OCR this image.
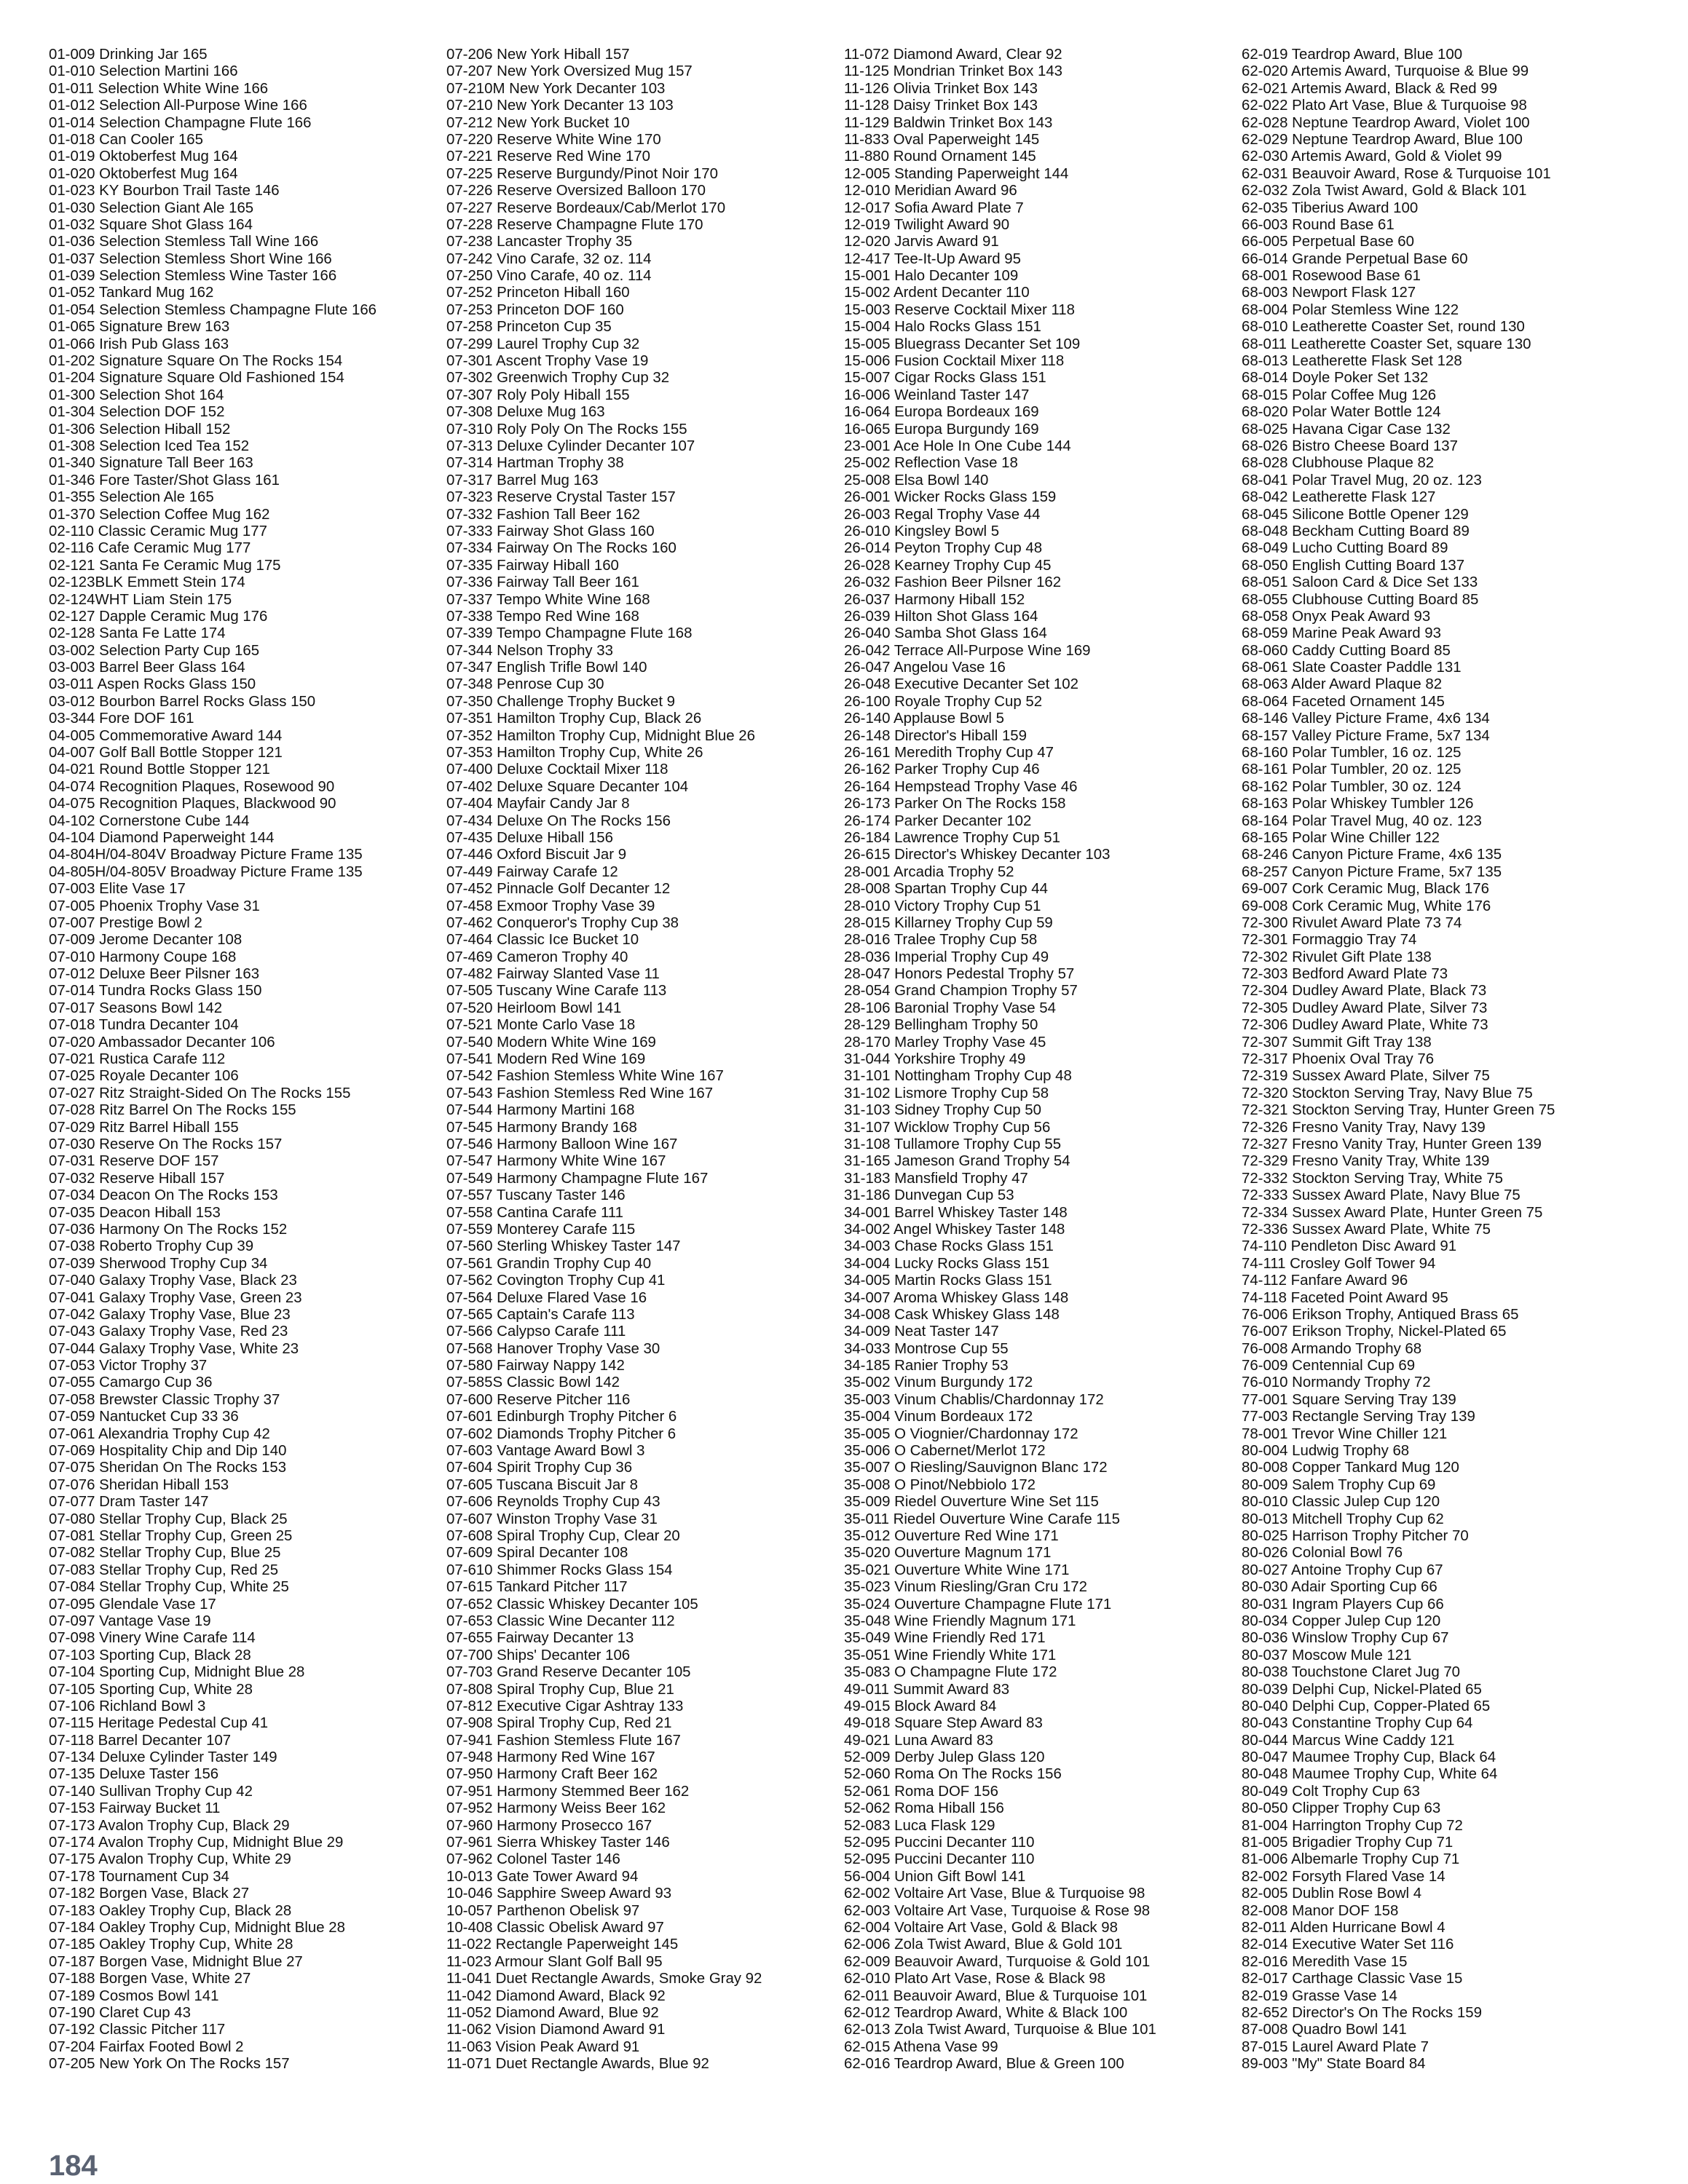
01-009 Drinking Jar 165
01-010 Selection Martini 166
01-011 Selection White Wine 166
01-012 Selection All-Purpose Wine 166
01-014 Selection Champagne Flute 166
01-018 Can Cooler 165
01-019 Oktoberfest Mug 164
01-020 Oktoberfest Mug 164
01-023 KY Bourbon Trail Taste 146
01-030 Selection Giant Ale 165
01-032 Square Shot Glass 164
01-036 Selection Stemless Tall Wine 166
01-037 Selection Stemless Short Wine 166
01-039 Selection Stemless Wine Taster 166
01-052 Tankard Mug 162
01-054 Selection Stemless Champagne Flute 166
01-065 Signature Brew 163
01-066 Irish Pub Glass 163
01-202 Signature Square On The Rocks 154
01-204 Signature Square Old Fashioned 154
01-300 Selection Shot 164
01-304 Selection DOF 152
01-306 Selection Hiball 152
01-308 Selection Iced Tea 152
01-340 Signature Tall Beer 163
01-346 Fore Taster/Shot Glass 161
01-355 Selection Ale 165
01-370 Selection Coffee Mug 162
02-110 Classic Ceramic Mug 177
02-116 Cafe Ceramic Mug 177
02-121 Santa Fe Ceramic Mug 175
02-123BLK Emmett Stein 174
02-124WHT Liam Stein 175
02-127 Dapple Ceramic Mug 176
02-128 Santa Fe Latte 174
03-002 Selection Party Cup 165
03-003 Barrel Beer Glass 164
03-011 Aspen Rocks Glass 150
03-012 Bourbon Barrel Rocks Glass 150
03-344 Fore DOF 161
04-005 Commemorative Award 144
04-007 Golf Ball Bottle Stopper 121
04-021 Round Bottle Stopper 121
04-074 Recognition Plaques, Rosewood 90
04-075 Recognition Plaques, Blackwood 90
04-102 Cornerstone Cube 144
04-104 Diamond Paperweight 144
04-804H/04-804V Broadway Picture Frame 135
04-805H/04-805V Broadway Picture Frame 135
07-003 Elite Vase 17
07-005 Phoenix Trophy Vase 31
07-007 Prestige Bowl 2
07-009 Jerome Decanter 108
07-010 Harmony Coupe 168
07-012 Deluxe Beer Pilsner 163
07-014 Tundra Rocks Glass 150
07-017 Seasons Bowl 142
07-018 Tundra Decanter 104
07-020 Ambassador Decanter 106
07-021 Rustica Carafe 112
07-025 Royale Decanter 106
07-027 Ritz Straight-Sided On The Rocks 155
07-028 Ritz Barrel On The Rocks 155
07-029 Ritz Barrel Hiball 155
07-030 Reserve On The Rocks 157
07-031 Reserve DOF 157
07-032 Reserve Hiball 157
07-034 Deacon On The Rocks 153
07-035 Deacon Hiball 153
07-036 Harmony On The Rocks 152
07-038 Roberto Trophy Cup 39
07-039 Sherwood Trophy Cup 34
07-040 Galaxy Trophy Vase, Black 23
07-041 Galaxy Trophy Vase, Green 23
07-042 Galaxy Trophy Vase, Blue 23
07-043 Galaxy Trophy Vase, Red 23
07-044 Galaxy Trophy Vase, White 23
07-053 Victor Trophy 37
07-055 Camargo Cup 36
07-058 Brewster Classic Trophy 37
07-059 Nantucket Cup 33 36
07-061 Alexandria Trophy Cup 42
07-069 Hospitality Chip and Dip 140
07-075 Sheridan On The Rocks 153
07-076 Sheridan Hiball 153
07-077 Dram Taster 147
07-080 Stellar Trophy Cup, Black 25
07-081 Stellar Trophy Cup, Green 25
07-082 Stellar Trophy Cup, Blue 25
07-083 Stellar Trophy Cup, Red 25
07-084 Stellar Trophy Cup, White 25
07-095 Glendale Vase 17
07-097 Vantage Vase 19
07-098 Vinery Wine Carafe 114
07-103 Sporting Cup, Black 28
07-104 Sporting Cup, Midnight Blue 28
07-105 Sporting Cup, White 28
07-106 Richland Bowl 3
07-115 Heritage Pedestal Cup 41
07-118 Barrel Decanter 107
07-134 Deluxe Cylinder Taster 149
07-135 Deluxe Taster 156
07-140 Sullivan Trophy Cup 42
07-153 Fairway Bucket 11
07-173 Avalon Trophy Cup, Black 29
07-174 Avalon Trophy Cup, Midnight Blue 29
07-175 Avalon Trophy Cup, White 29
07-178 Tournament Cup 34
07-182 Borgen Vase, Black 27
07-183 Oakley Trophy Cup, Black 28
07-184 Oakley Trophy Cup, Midnight Blue 28
07-185 Oakley Trophy Cup, White 28
07-187 Borgen Vase, Midnight Blue 27
07-188 Borgen Vase, White 27
07-189 Cosmos Bowl 141
07-190 Claret Cup 43
07-192 Classic Pitcher 117
07-204 Fairfax Footed Bowl 2
07-205 New York On The Rocks 157
07-206 New York Hiball 157
07-207 New York Oversized Mug 157
07-210M New York Decanter 103
07-210 New York Decanter 13 103
07-212 New York Bucket 10
07-220 Reserve White Wine 170
07-221 Reserve Red Wine 170
07-225 Reserve Burgundy/Pinot Noir 170
07-226 Reserve Oversized Balloon 170
07-227 Reserve Bordeaux/Cab/Merlot 170
07-228 Reserve Champagne Flute 170
07-238 Lancaster Trophy 35
07-242 Vino Carafe, 32 oz. 114
07-250 Vino Carafe, 40 oz. 114
07-252 Princeton Hiball 160
07-253 Princeton DOF 160
07-258 Princeton Cup 35
07-299 Laurel Trophy Cup 32
07-301 Ascent Trophy Vase 19
07-302 Greenwich Trophy Cup 32
07-307 Roly Poly Hiball 155
07-308 Deluxe Mug 163
07-310 Roly Poly On The Rocks 155
07-313 Deluxe Cylinder Decanter 107
07-314 Hartman Trophy 38
07-317 Barrel Mug 163
07-323 Reserve Crystal Taster 157
07-332 Fashion Tall Beer 162
07-333 Fairway Shot Glass 160
07-334 Fairway On The Rocks 160
07-335 Fairway Hiball 160
07-336 Fairway Tall Beer 161
07-337 Tempo White Wine 168
07-338 Tempo Red Wine 168
07-339 Tempo Champagne Flute 168
07-344 Nelson Trophy 33
07-347 English Trifle Bowl 140
07-348 Penrose Cup 30
07-350 Challenge Trophy Bucket 9
07-351 Hamilton Trophy Cup, Black 26
07-352 Hamilton Trophy Cup, Midnight Blue 26
07-353 Hamilton Trophy Cup, White 26
07-400 Deluxe Cocktail Mixer 118
07-402 Deluxe Square Decanter 104
07-404 Mayfair Candy Jar 8
07-434 Deluxe On The Rocks 156
07-435 Deluxe Hiball 156
07-446 Oxford Biscuit Jar 9
07-449 Fairway Carafe 12
07-452 Pinnacle Golf Decanter 12
07-458 Exmoor Trophy Vase 39
07-462 Conqueror's Trophy Cup 38
07-464 Classic Ice Bucket 10
07-469 Cameron Trophy 40
07-482 Fairway Slanted Vase 11
07-505 Tuscany Wine Carafe 113
07-520 Heirloom Bowl 141
07-521 Monte Carlo Vase 18
07-540 Modern White Wine 169
07-541 Modern Red Wine 169
07-542 Fashion Stemless White Wine 167
07-543 Fashion Stemless Red Wine 167
07-544 Harmony Martini 168
07-545 Harmony Brandy 168
07-546 Harmony Balloon Wine 167
07-547 Harmony White Wine 167
07-549 Harmony Champagne Flute 167
07-557 Tuscany Taster 146
07-558 Cantina Carafe 111
07-559 Monterey Carafe 115
07-560 Sterling Whiskey Taster 147
07-561 Grandin Trophy Cup 40
07-562 Covington Trophy Cup 41
07-564 Deluxe Flared Vase 16
07-565 Captain's Carafe 113
07-566 Calypso Carafe 111
07-568 Hanover Trophy Vase 30
07-580 Fairway Nappy 142
07-585S Classic Bowl 142
07-600 Reserve Pitcher 116
07-601 Edinburgh Trophy Pitcher 6
07-602 Diamonds Trophy Pitcher 6
07-603 Vantage Award Bowl 3
07-604 Spirit Trophy Cup 36
07-605 Tuscana Biscuit Jar 8
07-606 Reynolds Trophy Cup 43
07-607 Winston Trophy Vase 31
07-608 Spiral Trophy Cup, Clear 20
07-609 Spiral Decanter 108
07-610 Shimmer Rocks Glass 154
07-615 Tankard Pitcher 117
07-652 Classic Whiskey Decanter 105
07-653 Classic Wine Decanter 112
07-655 Fairway Decanter 13
07-700 Ships' Decanter 106
07-703 Grand Reserve Decanter 105
07-808 Spiral Trophy Cup, Blue 21
07-812 Executive Cigar Ashtray 133
07-908 Spiral Trophy Cup, Red 21
07-941 Fashion Stemless Flute 167
07-948 Harmony Red Wine 167
07-950 Harmony Craft Beer 162
07-951 Harmony Stemmed Beer 162
07-952 Harmony Weiss Beer 162
07-960 Harmony Prosecco 167
07-961 Sierra Whiskey Taster 146
07-962 Colonel Taster 146
10-013 Gate Tower Award 94
10-046 Sapphire Sweep Award 93
10-057 Parthenon Obelisk 97
10-408 Classic Obelisk Award 97
11-022 Rectangle Paperweight 145
11-023 Armour Slant Golf Ball 95
11-041 Duet Rectangle Awards, Smoke Gray 92
11-042 Diamond Award, Black 92
11-052 Diamond Award, Blue 92
11-062 Vision Diamond Award 91
11-063 Vision Peak Award 91
11-071 Duet Rectangle Awards, Blue 92
11-072 Diamond Award, Clear 92
11-125 Mondrian Trinket Box 143
11-126 Olivia Trinket Box 143
11-128 Daisy Trinket Box 143
11-129 Baldwin Trinket Box 143
11-833 Oval Paperweight 145
11-880 Round Ornament 145
12-005 Standing Paperweight 144
12-010 Meridian Award 96
12-017 Sofia Award Plate 7
12-019 Twilight Award 90
12-020 Jarvis Award 91
12-417 Tee-It-Up Award 95
15-001 Halo Decanter 109
15-002 Ardent Decanter 110
15-003 Reserve Cocktail Mixer 118
15-004 Halo Rocks Glass 151
15-005 Bluegrass Decanter Set 109
15-006 Fusion Cocktail Mixer 118
15-007 Cigar Rocks Glass 151
16-006 Weinland Taster 147
16-064 Europa Bordeaux 169
16-065 Europa Burgundy 169
23-001 Ace Hole In One Cube 144
25-002 Reflection Vase 18
25-008 Elsa Bowl 140
26-001 Wicker Rocks Glass 159
26-003 Regal Trophy Vase 44
26-010 Kingsley Bowl 5
26-014 Peyton Trophy Cup 48
26-028 Kearney Trophy Cup 45
26-032 Fashion Beer Pilsner 162
26-037 Harmony Hiball 152
26-039 Hilton Shot Glass 164
26-040 Samba Shot Glass 164
26-042 Terrace All-Purpose Wine 169
26-047 Angelou Vase 16
26-048 Executive Decanter Set 102
26-100 Royale Trophy Cup 52
26-140 Applause Bowl 5
26-148 Director's Hiball 159
26-161 Meredith Trophy Cup 47
26-162 Parker Trophy Cup 46
26-164 Hempstead Trophy Vase 46
26-173 Parker On The Rocks 158
26-174 Parker Decanter 102
26-184 Lawrence Trophy Cup 51
26-615 Director's Whiskey Decanter 103
28-001 Arcadia Trophy 52
28-008 Spartan Trophy Cup 44
28-010 Victory Trophy Cup 51
28-015 Killarney Trophy Cup 59
28-016 Tralee Trophy Cup 58
28-036 Imperial Trophy Cup 49
28-047 Honors Pedestal Trophy 57
28-054 Grand Champion Trophy 57
28-106 Baronial Trophy Vase 54
28-129 Bellingham Trophy 50
28-170 Marley Trophy Vase 45
31-044 Yorkshire Trophy 49
31-101 Nottingham Trophy Cup 48
31-102 Lismore Trophy Cup 58
31-103 Sidney Trophy Cup 50
31-107 Wicklow Trophy Cup 56
31-108 Tullamore Trophy Cup 55
31-165 Jameson Grand Trophy 54
31-183 Mansfield Trophy 47
31-186 Dunvegan Cup 53
34-001 Barrel Whiskey Taster 148
34-002 Angel Whiskey Taster 148
34-003 Chase Rocks Glass 151
34-004 Lucky Rocks Glass 151
34-005 Martin Rocks Glass 151
34-007 Aroma Whiskey Glass 148
34-008 Cask Whiskey Glass 148
34-009 Neat Taster 147
34-033 Montrose Cup 55
34-185 Ranier Trophy 53
35-002 Vinum Burgundy 172
35-003 Vinum Chablis/Chardonnay 172
35-004 Vinum Bordeaux 172
35-005 O Viognier/Chardonnay 172
35-006 O Cabernet/Merlot 172
35-007 O Riesling/Sauvignon Blanc 172
35-008 O Pinot/Nebbiolo 172
35-009 Riedel Ouverture Wine Set 115
35-011 Riedel Ouverture Wine Carafe 115
35-012 Ouverture Red Wine 171
35-020 Ouverture Magnum 171
35-021 Ouverture White Wine 171
35-023 Vinum Riesling/Gran Cru 172
35-024 Ouverture Champagne Flute 171
35-048 Wine Friendly Magnum 171
35-049 Wine Friendly Red 171
35-051 Wine Friendly White 171
35-083 O Champagne Flute 172
49-011 Summit Award 83
49-015 Block Award 84
49-018 Square Step Award 83
49-021 Luna Award 83
52-009 Derby Julep Glass 120
52-060 Roma On The Rocks 156
52-061 Roma DOF 156
52-062 Roma Hiball 156
52-083 Luca Flask 129
52-095 Puccini Decanter 110
52-095 Puccini Decanter 110
56-004 Union Gift Bowl 141
62-002 Voltaire Art Vase, Blue & Turquoise 98
62-003 Voltaire Art Vase, Turquoise & Rose 98
62-004 Voltaire Art Vase, Gold & Black 98
62-006 Zola Twist Award, Blue & Gold 101
62-009 Beauvoir Award, Turquoise & Gold 101
62-010 Plato Art Vase, Rose & Black 98
62-011 Beauvoir Award, Blue & Turquoise 101
62-012 Teardrop Award, White & Black 100
62-013 Zola Twist Award, Turquoise & Blue 101
62-015 Athena Vase 99
62-016 Teardrop Award, Blue & Green 100
62-019 Teardrop Award, Blue 100
62-020 Artemis Award, Turquoise & Blue 99
62-021 Artemis Award, Black & Red 99
62-022 Plato Art Vase, Blue & Turquoise 98
62-028 Neptune Teardrop Award, Violet 100
62-029 Neptune Teardrop Award, Blue 100
62-030 Artemis Award, Gold & Violet 99
62-031 Beauvoir Award, Rose & Turquoise 101
62-032 Zola Twist Award, Gold & Black 101
62-035 Tiberius Award 100
66-003 Round Base 61
66-005 Perpetual Base 60
66-014 Grande Perpetual Base 60
68-001 Rosewood Base 61
68-003 Newport Flask 127
68-004 Polar Stemless Wine 122
68-010 Leatherette Coaster Set, round 130
68-011 Leatherette Coaster Set, square 130
68-013 Leatherette Flask Set 128
68-014 Doyle Poker Set 132
68-015 Polar Coffee Mug 126
68-020 Polar Water Bottle 124
68-025 Havana Cigar Case 132
68-026 Bistro Cheese Board 137
68-028 Clubhouse Plaque 82
68-041 Polar Travel Mug, 20 oz. 123
68-042 Leatherette Flask 127
68-045 Silicone Bottle Opener 129
68-048 Beckham Cutting Board 89
68-049 Lucho Cutting Board 89
68-050 English Cutting Board 137
68-051 Saloon Card & Dice Set 133
68-055 Clubhouse Cutting Board 85
68-058 Onyx Peak Award 93
68-059 Marine Peak Award 93
68-060 Caddy Cutting Board 85
68-061 Slate Coaster Paddle 131
68-063 Alder Award Plaque 82
68-064 Faceted Ornament 145
68-146 Valley Picture Frame, 4x6 134
68-157 Valley Picture Frame, 5x7 134
68-160 Polar Tumbler, 16 oz. 125
68-161 Polar Tumbler, 20 oz. 125
68-162 Polar Tumbler, 30 oz. 124
68-163 Polar Whiskey Tumbler 126
68-164 Polar Travel Mug, 40 oz. 123
68-165 Polar Wine Chiller 122
68-246 Canyon Picture Frame, 4x6 135
68-257 Canyon Picture Frame, 5x7 135
69-007 Cork Ceramic Mug, Black 176
69-008 Cork Ceramic Mug, White 176
72-300 Rivulet Award Plate 73 74
72-301 Formaggio Tray 74
72-302 Rivulet Gift Plate 138
72-303 Bedford Award Plate 73
72-304 Dudley Award Plate, Black 73
72-305 Dudley Award Plate, Silver 73
72-306 Dudley Award Plate, White 73
72-307 Summit Gift Tray 138
72-317 Phoenix Oval Tray 76
72-319 Sussex Award Plate, Silver 75
72-320 Stockton Serving Tray, Navy Blue 75
72-321 Stockton Serving Tray, Hunter Green 75
72-326 Fresno Vanity Tray, Navy 139
72-327 Fresno Vanity Tray, Hunter Green 139
72-329 Fresno Vanity Tray, White 139
72-332 Stockton Serving Tray, White 75
72-333 Sussex Award Plate, Navy Blue 75
72-334 Sussex Award Plate, Hunter Green 75
72-336 Sussex Award Plate, White 75
74-110 Pendleton Disc Award 91
74-111 Crosley Golf Tower 94
74-112 Fanfare Award 96
74-118 Faceted Point Award 95
76-006 Erikson Trophy, Antiqued Brass 65
76-007 Erikson Trophy, Nickel-Plated 65
76-008 Armando Trophy 68
76-009 Centennial Cup 69
76-010 Normandy Trophy 72
77-001 Square Serving Tray 139
77-003 Rectangle Serving Tray 139
78-001 Trevor Wine Chiller 121
80-004 Ludwig Trophy 68
80-008 Copper Tankard Mug 120
80-009 Salem Trophy Cup 69
80-010 Classic Julep Cup 120
80-013 Mitchell Trophy Cup 62
80-025 Harrison Trophy Pitcher 70
80-026 Colonial Bowl 76
80-027 Antoine Trophy Cup 67
80-030 Adair Sporting Cup 66
80-031 Ingram Players Cup 66
80-034 Copper Julep Cup 120
80-036 Winslow Trophy Cup 67
80-037 Moscow Mule 121
80-038 Touchstone Claret Jug 70
80-039 Delphi Cup, Nickel-Plated 65
80-040 Delphi Cup, Copper-Plated 65
80-043 Constantine Trophy Cup 64
80-044 Marcus Wine Caddy 121
80-047 Maumee Trophy Cup, Black 64
80-048 Maumee Trophy Cup, White 64
80-049 Colt Trophy Cup 63
80-050 Clipper Trophy Cup 63
81-004 Harrington Trophy Cup 72
81-005 Brigadier Trophy Cup 71
81-006 Albemarle Trophy Cup 71
82-002 Forsyth Flared Vase 14
82-005 Dublin Rose Bowl 4
82-008 Manor DOF 158
82-011 Alden Hurricane Bowl 4
82-014 Executive Water Set 116
82-016 Meredith Vase 15
82-017 Carthage Classic Vase 15
82-019 Grasse Vase 14
82-652 Director's On The Rocks 159
87-008 Quadro Bowl 141
87-015 Laurel Award Plate 7
89-003 "My" State Board 84
184
